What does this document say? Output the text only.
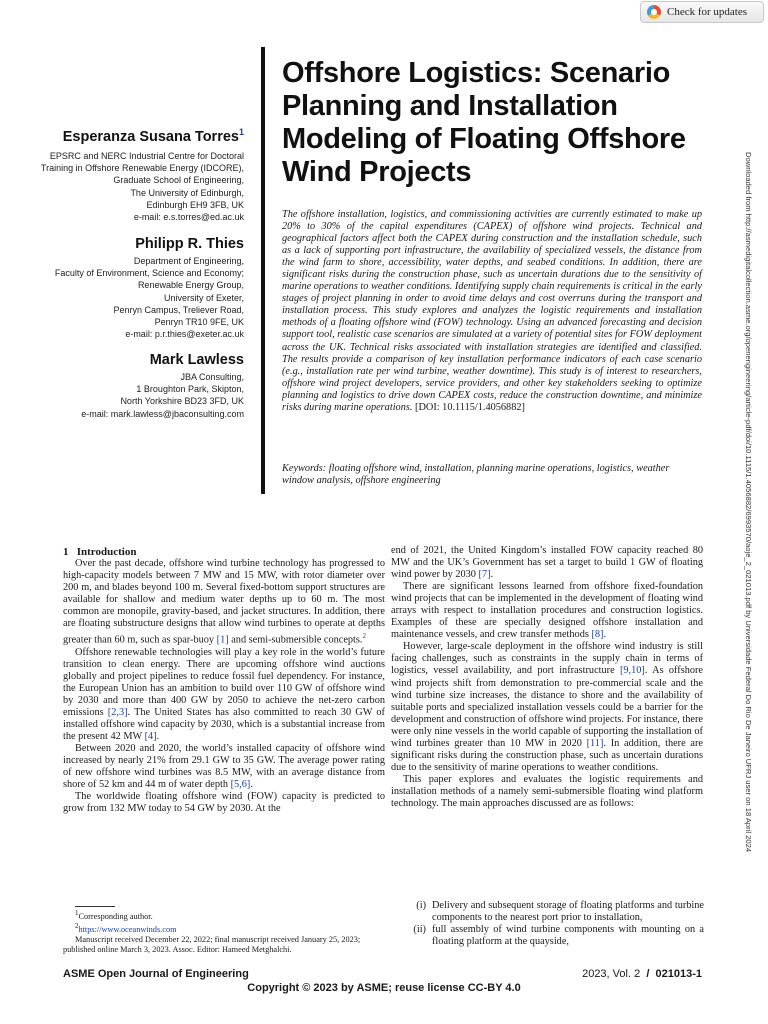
Check for updates
Offshore Logistics: Scenario Planning and Installation Modeling of Floating Offshore Wind Projects
Esperanza Susana Torres$^1$
EPSRC and NERC Industrial Centre for Doctoral
Training in Offshore Renewable Energy (IDCORE),
Graduate School of Engineering,
The University of Edinburgh,
Edinburgh EH9 3FB, UK
e-mail: e.s.torres@ed.ac.uk
Philipp R. Thies
Department of Engineering,
Faculty of Environment, Science and Economy;
Renewable Energy Group,
University of Exeter,
Penryn Campus, Treliever Road,
Penryn TR10 9FE, UK
e-mail: p.r.thies@exeter.ac.uk
Mark Lawless
JBA Consulting,
1 Broughton Park, Skipton,
North Yorkshire BD23 3FD, UK
e-mail: mark.lawless@jbaconsulting.com
The offshore installation, logistics, and commissioning activities are currently estimated to make up 20% to 30% of the capital expenditures (CAPEX) of offshore wind projects. Technical and geographical factors affect both the CAPEX during construction and the installation schedule, such as a lack of supporting port infrastructure, the availability of specialized vessels, the distance from the wind farm to shore, accessibility, water depths, and seabed conditions. In addition, there are significant risks during the construction phase, such as uncertain durations due to the sensitivity of marine operations to weather conditions. Identifying supply chain requirements is critical in the early stages of project planning in order to avoid time delays and cost overruns during the transport and installation process. This study explores and analyzes the logistic requirements and installation methods of a floating offshore wind (FOW) technology. Using an advanced forecasting and decision support tool, realistic case scenarios are simulated at a variety of potential sites for FOW deployment across the UK. Technical risks associated with installation strategies are identified and classified. The results provide a comparison of key installation performance indicators of each case scenario (e.g., installation rate per wind turbine, weather downtime). This study is of interest to researchers, offshore wind project developers, service providers, and other key stakeholders seeking to optimize planning and logistics to drive down CAPEX costs, reduce the construction downtime, and minimize risks during marine operations. [DOI: 10.1115/1.4056882]
Keywords: floating offshore wind, installation, planning marine operations, logistics, weather window analysis, offshore engineering
1 Introduction

Over the past decade, offshore wind turbine technology has progressed to high-capacity models between 7 MW and 15 MW, with rotor diameter over 200 m, and blades beyond 100 m. Several fixed-bottom support structures are available for shallow and medium water depths up to 60 m. The most common are monopile, gravity-based, and jacket structures. In addition, there are floating substructure designs that allow wind turbines to operate at depths greater than 60 m, such as spar-buoy [1] and semi-submersible concepts.$^2$

Offshore renewable technologies will play a key role in the world’s future transition to clean energy. There are upcoming offshore wind auctions globally and project pipelines to reduce fossil fuel dependency. For instance, the European Union has an ambition to build over 110 GW of offshore wind by 2030 and more than 400 GW by 2050 to achieve the net-zero carbon emissions [2,3]. The United States has also committed to reach 30 GW of installed offshore wind capacity by 2030, which is a substantial increase from the present 42 MW [4].

Between 2020 and 2020, the world’s installed capacity of offshore wind increased by nearly 21% from 29.1 GW to 35 GW. The average power rating of new offshore wind turbines was 8.5 MW, with an average distance from shore of 52 km and 44 m of water depth [5,6].

The worldwide floating offshore wind (FOW) capacity is predicted to grow from 132 MW today to 54 GW by 2030. At the

end of 2021, the United Kingdom’s installed FOW capacity reached 80 MW and the UK’s Government has set a target to build 1 GW of floating wind power by 2030 [7].

There are significant lessons learned from offshore fixed-foundation wind projects that can be implemented in the development of floating wind arrays with respect to installation procedures and construction logistics. Examples of these are specially designed offshore installation and maintenance vessels, and crew transfer methods [8].

However, large-scale deployment in the offshore wind industry is still facing challenges, such as constraints in the supply chain in terms of logistics, vessel availability, and port infrastructure [9,10]. As offshore wind projects shift from demonstration to pre-commercial scale and the wind turbine size increases, the distance to shore and the availability of suitable ports and specialized installation vessels could be a barrier for the development and construction of offshore wind projects. For instance, there were only nine vessels in the world capable of supporting the installation of wind turbines greater than 10 MW in 2020 [11]. In addition, there are significant risks during the construction phase, such as uncertain durations due to the sensitivity of marine operations to weather conditions.

This paper explores and evaluates the logistic requirements and installation methods of a namely semi-submersible floating wind platform technology. The main approaches discussed are as follows:

(i) Delivery and subsequent storage of floating platforms and turbine components to the nearest port prior to installation,
(ii) full assembly of wind turbine components with mounting on a floating platform at the quayside,

$^1$Corresponding author.

$^2$https://www.oceanwinds.com

Manuscript received December 22, 2022; final manuscript received January 25, 2023; published online March 3, 2023. Assoc. Editor: Hameed Metghalchi.

ASME Open Journal of Engineering	2023, Vol. 2 / 021013-1
Copyright © 2023 by ASME; reuse license CC-BY 4.0
Downloaded from http://asmedigitalcollection.asme.org/openengineering/article-pdf/doi/10.1115/1.4056882/6993570/aoje_2_021013.pdf by Universidade Federal Do Rio De Janeiro UFRJ user on 18 April 2024
